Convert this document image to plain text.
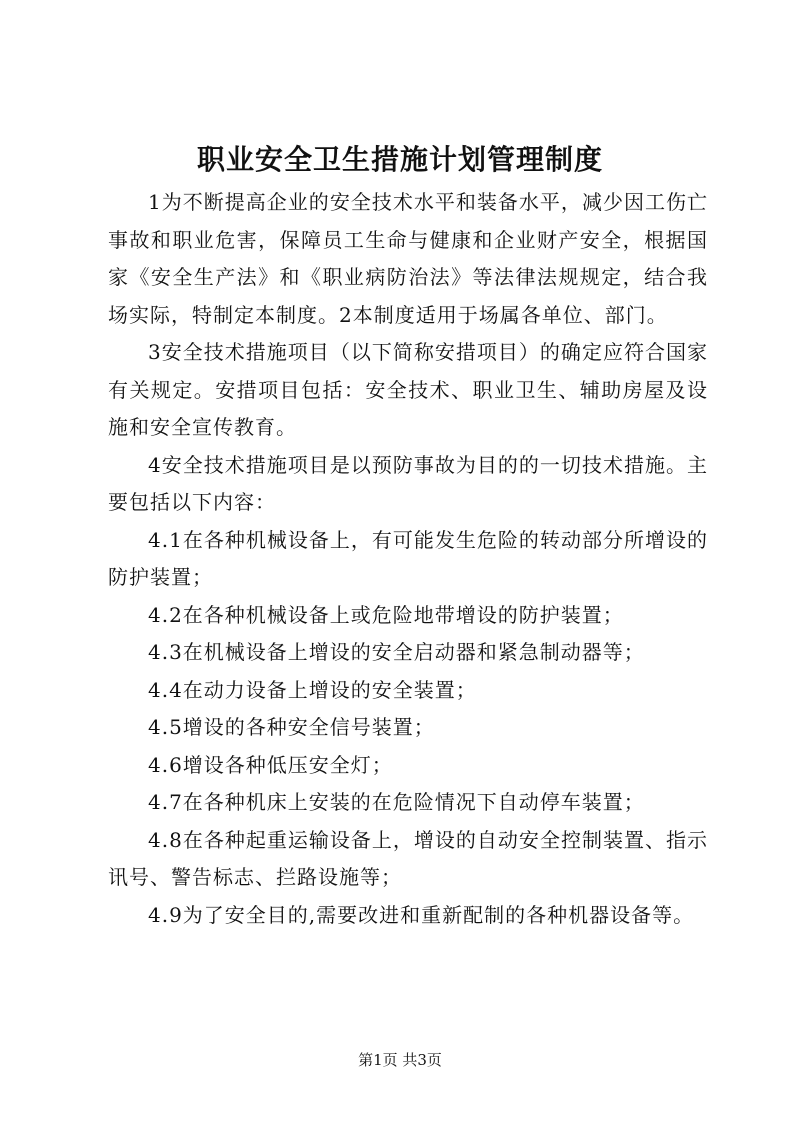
职业安全卫生措施计划管理制度

1为不断提高企业的安全技术水平和装备水平，减少因工伤亡事故和职业危害，保障员工生命与健康和企业财产安全，根据国家《安全生产法》和《职业病防治法》等法律法规规定，结合我场实际，特制定本制度。2本制度适用于场属各单位、部门。

3安全技术措施项目（以下简称安措项目）的确定应符合国家有关规定。安措项目包括：安全技术、职业卫生、辅助房屋及设施和安全宣传教育。

4安全技术措施项目是以预防事故为目的的一切技术措施。主要包括以下内容：

4.1在各种机械设备上，有可能发生危险的转动部分所增设的防护装置；

4.2在各种机械设备上或危险地带增设的防护装置；

4.3在机械设备上增设的安全启动器和紧急制动器等；

4.4在动力设备上增设的安全装置；

4.5增设的各种安全信号装置；

4.6增设各种低压安全灯；

4.7在各种机床上安装的在危险情况下自动停车装置；

4.8在各种起重运输设备上，增设的自动安全控制装置、指示讯号、警告标志、拦路设施等；

4.9为了安全目的,需要改进和重新配制的各种机器设备等。

第1页 共3页
